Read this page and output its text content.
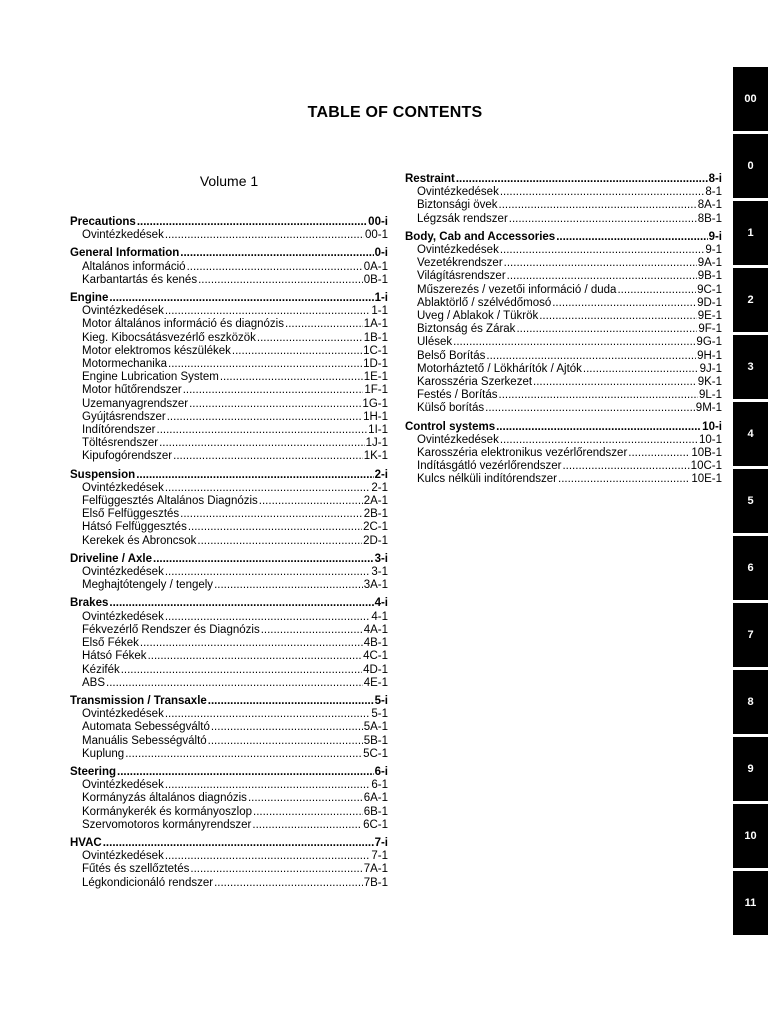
TABLE OF CONTENTS
Volume 1
Precautions .....	00-i
Óvintézkedések .....	00-1
General Information .....	0-i
Általános információ .....	0A-1
Karbantartás és kenés .....	0B-1
Engine .....	1-i
Óvintézkedések .....	1-1
Motor általános információ és diagnózis .....	1A-1
Kieg. Kibocsátásvezérlő eszközök .....	1B-1
Motor elektromos készülékek .....	1C-1
Motormechanika .....	1D-1
Engine Lubrication System .....	1E-1
Motor hűtőrendszer .....	1F-1
Üzemanyagrendszer .....	1G-1
Gyújtásrendszer .....	1H-1
Indítórendszer .....	1I-1
Töltésrendszer .....	1J-1
Kipufogórendszer .....	1K-1
Suspension .....	2-i
Óvintézkedések .....	2-1
Felfüggesztés Általános Diagnózis .....	2A-1
Első Felfüggesztés .....	2B-1
Hátsó Felfüggesztés .....	2C-1
Kerekek és Abroncsok .....	2D-1
Driveline / Axle .....	3-i
Óvintézkedések .....	3-1
Meghajtótengely / tengely .....	3A-1
Brakes .....	4-i
Óvintézkedések .....	4-1
Fékvezérlő Rendszer és Diagnózis .....	4A-1
Első Fékek .....	4B-1
Hátsó Fékek .....	4C-1
Kézifék .....	4D-1
ABS .....	4E-1
Transmission / Transaxle .....	5-i
Óvintézkedések .....	5-1
Automata Sebességváltó .....	5A-1
Manuális Sebességváltó .....	5B-1
Kuplung .....	5C-1
Steering .....	6-i
Óvintézkedések .....	6-1
Kormányzás általános diagnózis .....	6A-1
Kormánykerék és kormányoszlop .....	6B-1
Szervomotoros kormányrendszer .....	6C-1
HVAC .....	7-i
Óvintézkedések .....	7-1
Fűtés és szellőztetés .....	7A-1
Légkondicionáló rendszer .....	7B-1
Restraint .....	8-i
Óvintézkedések .....	8-1
Biztonsági övek .....	8A-1
Légzsák rendszer .....	8B-1
Body, Cab and Accessories .....	9-i
Óvintézkedések .....	9-1
Vezetékrendszer .....	9A-1
Világításrendszer .....	9B-1
Műszerezés / vezetői információ / duda .....	9C-1
Ablaktörlő / szélvédőmosó .....	9D-1
Üveg / Ablakok / Tükrök .....	9E-1
Biztonság és Zárak .....	9F-1
Ülések .....	9G-1
Belső Borítás .....	9H-1
Motorháztető / Lökhárítók / Ajtók .....	9J-1
Karosszéria Szerkezet .....	9K-1
Festés / Borítás .....	9L-1
Külső borítás .....	9M-1
Control systems .....	10-i
Óvintézkedések .....	10-1
Karosszéria elektronikus vezérlőrendszer .....	10B-1
Indításgátló vezérlőrendszer .....	10C-1
Kulcs nélküli indítórendszer .....	10E-1
00
0
1
2
3
4
5
6
7
8
9
10
11
